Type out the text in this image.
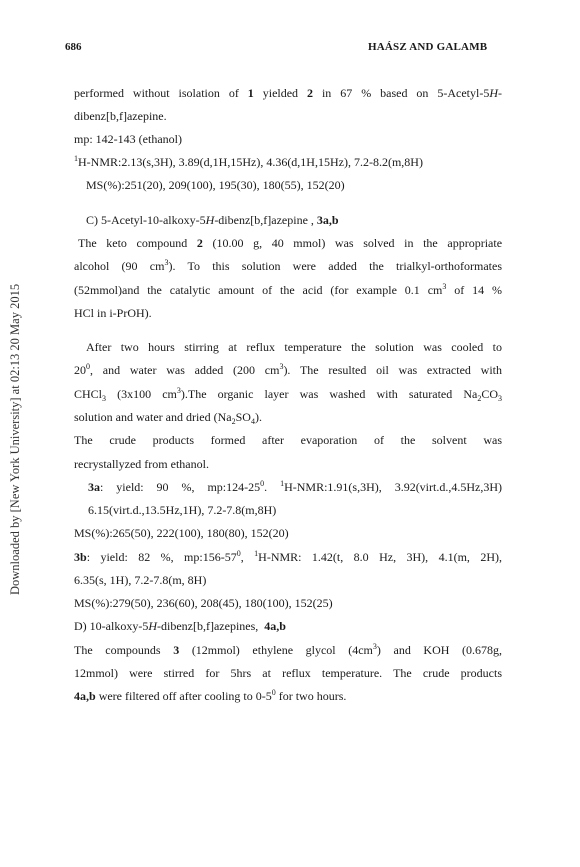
686	HAÁSZ AND GALAMB
Downloaded by [New York University] at 02:13 20 May 2015
performed without isolation of 1 yielded 2 in 67 % based on 5-Acetyl-5H-
dibenz[b,f]azepine.
mp: 142-143 (ethanol)
$^1$H-NMR:2.13(s,3H), 3.89(d,1H,15Hz), 4.36(d,1H,15Hz), 7.2-8.2(m,8H)
MS(%):251(20), 209(100), 195(30), 180(55), 152(20)
C) 5-Acetyl-10-alkoxy-5H-dibenz[b,f]azepine , 3a,b
The keto compound 2 (10.00 g, 40 mmol) was solved in the appropriate
alcohol (90 $cm^3$). To this solution were added the trialkyl-orthoformates
(52mmol)and the catalytic amount of the acid (for example 0.1 $cm^3$ of 14 %
HCl in i-PrOH).
After two hours stirring at reflux temperature the solution was cooled to
$20^0$, and water was added (200 $cm^3$). The resulted oil was extracted with
CHCl$_3$ (3x100 $cm^3).The$ organic layer was washed with saturated $Na_2CO_3$
solution and water and dried $(Na_2SO_4)$.
The crude products formed after evaporation of the solvent was
recrystallyzed from ethanol.
3a: yield: 90 %, $mp:124-25^0$. $^1$H-NMR:1.91(s,3H), 3.92(virt.d.,4.5Hz,3H)
6.15(virt.d.,13.5Hz,1H), 7.2-7.8(m,8H)
MS(%):265(50), 222(100), 180(80), 152(20)
3b: yield: 82 %, $mp:156-57^0$, $^1$H-NMR: 1.42(t, 8.0 Hz, 3H), 4.1(m, 2H),
6.35(s, 1H), 7.2-7.8(m, 8H)
MS(%):279(50), 236(60), 208(45), 180(100), 152(25)
D) 10-alkoxy-5H-dibenz[b,f]azepines, 4a,b
The compounds 3 (12mmol) ethylene glycol $(4cm^3)$ and KOH (0.678g,
12mmol) were stirred for 5hrs at reflux temperature. The crude products
4a,b were filtered off after cooling to $0-5^0$ for two hours.
